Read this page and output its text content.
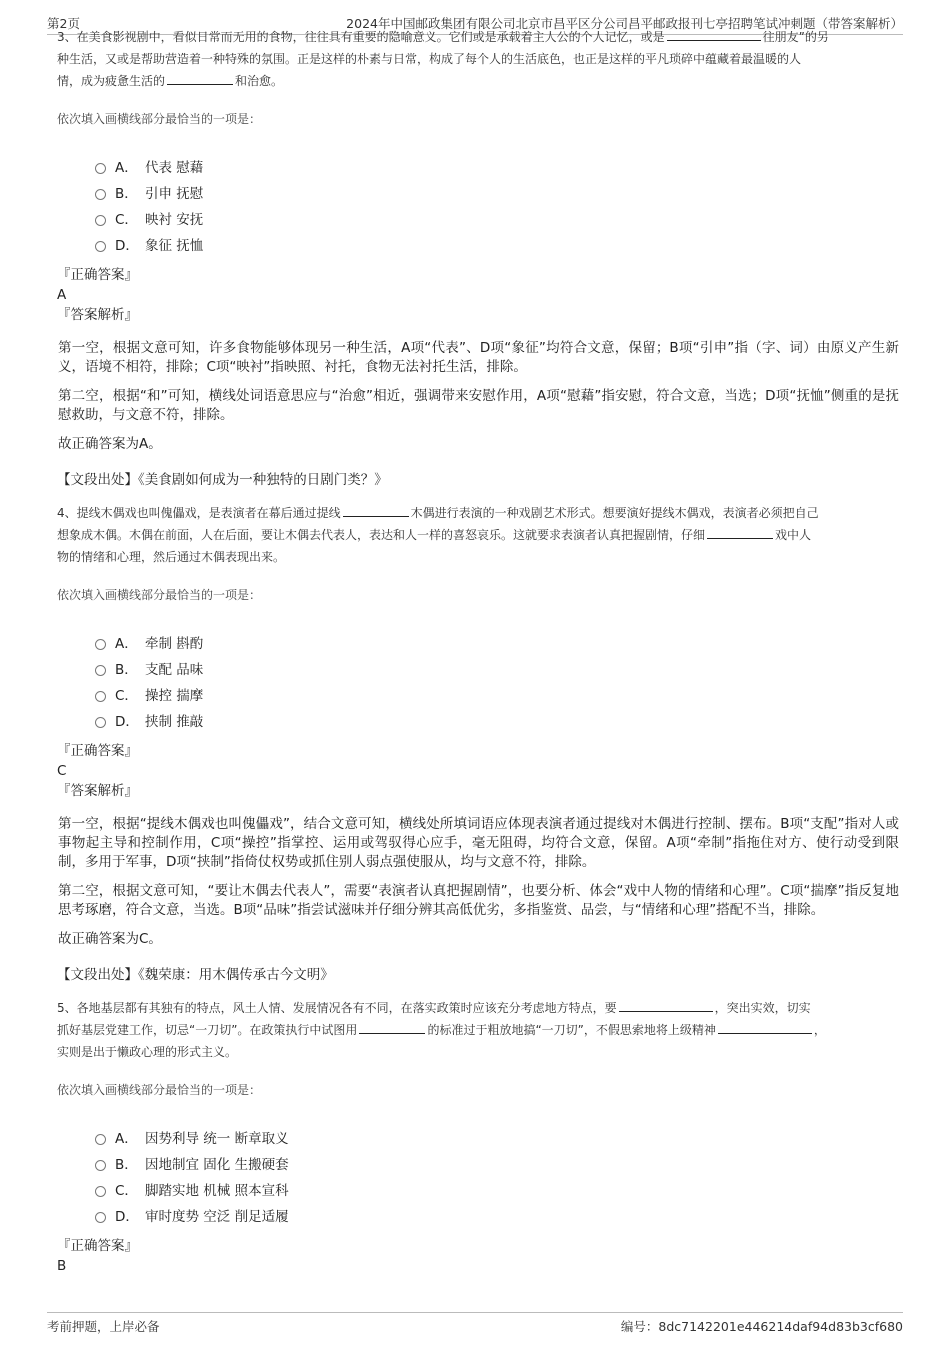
第2页	2024年中国邮政集团有限公司北京市昌平区分公司昌平邮政报刊七亭招聘笔试冲刺题（带答案解析）

3、在美食影视剧中，看似日常而无用的食物，往往具有重要的隐喻意义。它们或是承载着主人公的个人记忆，或是	往朋友”的另
种生活，又或是帮助营造着一种特殊的氛围。正是这样的朴素与日常，构成了每个人的生活底色，也正是这样的平凡琐碎中蕴藏着最温暖的人
情，成为疲惫生活的	和治愈。

依次填入画横线部分最恰当的一项是：
A． 代表 慰藉
B． 引申 抚慰
C． 映衬 安抚
D． 象征 抚恤

『正确答案』

A

『答案解析』

第一空，根据文意可知，许多食物能够体现另一种生活，A项“代表”、D项“象征”均符合文意，保留；B项“引申”指（字、词）由原义产生新义，语境不相符，排除；C项“映衬”指映照、衬托，食物无法衬托生活，排除。

第二空，根据“和”可知，横线处词语意思应与“治愈”相近，强调带来安慰作用，A项“慰藉”指安慰，符合文意，当选；D项“抚恤”侧重的是抚慰救助，与文意不符，排除。

故正确答案为A。

【文段出处】《美食剧如何成为一种独特的日剧门类？》

4、提线木偶戏也叫傀儡戏，是表演者在幕后通过提线	木偶进行表演的一种戏剧艺术形式。想要演好提线木偶戏，表演者必须把自己
想象成木偶。木偶在前面，人在后面，要让木偶去代表人，表达和人一样的喜怒哀乐。这就要求表演者认真把握剧情，仔细	戏中人
物的情绪和心理，然后通过木偶表现出来。

依次填入画横线部分最恰当的一项是：
A． 牵制 斟酌
B． 支配 品味
C． 操控 揣摩
D． 挟制 推敲

『正确答案』

C

『答案解析』

第一空，根据“提线木偶戏也叫傀儡戏”，结合文意可知，横线处所填词语应体现表演者通过提线对木偶进行控制、摆布。B项“支配”指对人或事物起主导和控制作用，C项“操控”指掌控、运用或驾驭得心应手，毫无阻碍，均符合文意，保留。A项“牵制”指拖住对方、使行动受到限制，多用于军事，D项“挟制”指倚仗权势或抓住别人弱点强使服从，均与文意不符，排除。

第二空，根据文意可知，“要让木偶去代表人”，需要“表演者认真把握剧情”，也要分析、体会“戏中人物的情绪和心理”。C项“揣摩”指反复地思考琢磨，符合文意，当选。B项“品味”指尝试滋味并仔细分辨其高低优劣，多指鉴赏、品尝，与“情绪和心理”搭配不当，排除。

故正确答案为C。

【文段出处】《魏荣康：用木偶传承古今文明》

5、各地基层都有其独有的特点，风土人情、发展情况各有不同，在落实政策时应该充分考虑地方特点，要	，突出实效，切实
抓好基层党建工作，切忌“一刀切”。在政策执行中试图用	的标准过于粗放地搞“一刀切”，不假思索地将上级精神	，
实则是出于懒政心理的形式主义。

依次填入画横线部分最恰当的一项是：
A． 因势利导 统一 断章取义
B． 因地制宜 固化 生搬硬套
C． 脚踏实地 机械 照本宣科
D． 审时度势 空泛 削足适履

『正确答案』

B

考前押题，上岸必备	编号：8dc7142201e446214daf94d83b3cf680
